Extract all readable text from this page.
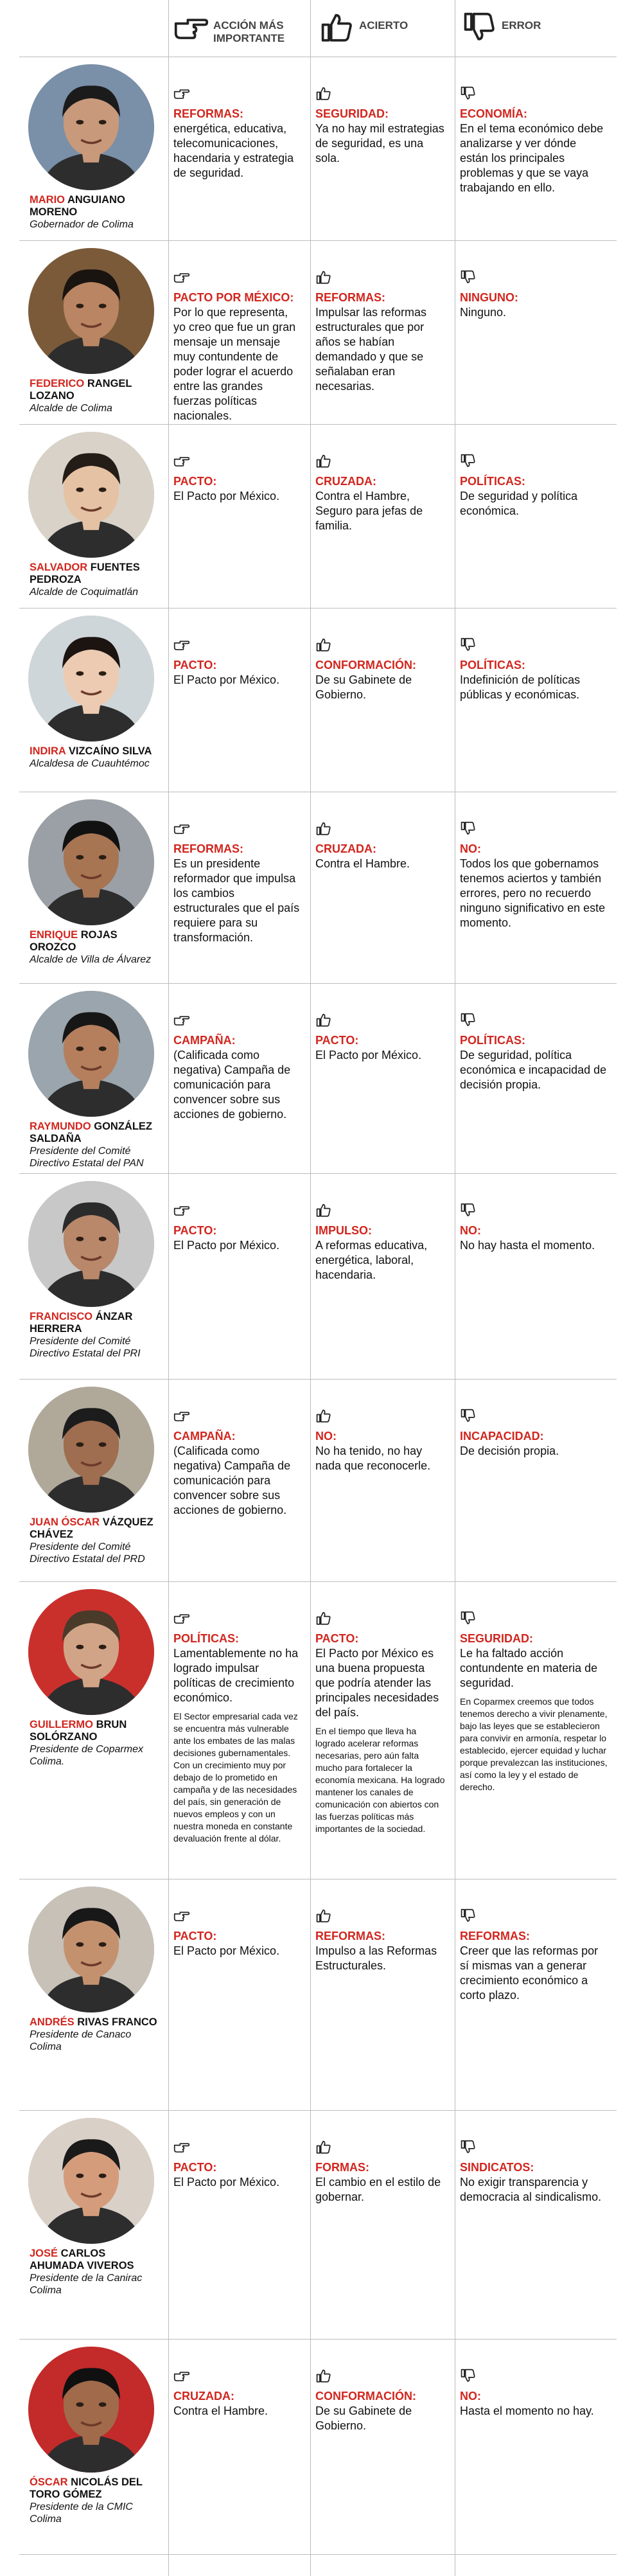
ACCIÓN MÁS IMPORTANTE
ACIERTO	ERROR
MARIO ANGUIANO MORENO
Gobernador de Colima
REFORMAS:
energética, educativa, telecomunicaciones, hacendaria y estrategia de seguridad.
SEGURIDAD:
Ya no hay mil estrategias de seguridad, es una sola.
ECONOMÍA:
En el tema económico debe analizarse y ver dónde están los principales problemas y que se vaya trabajando en ello.
FEDERICO RANGEL LOZANO
Alcalde de Colima
PACTO POR MÉXICO:
Por lo que representa, yo creo que fue un gran mensaje un mensaje muy contundente de poder lograr el acuerdo entre las grandes fuerzas políticas nacionales.
REFORMAS:
Impulsar las reformas estructurales que por años se habían demandado y que se señalaban eran necesarias.
NINGUNO:
Ninguno.
SALVADOR FUENTES PEDROZA
Alcalde de Coquimatlán
PACTO:
El Pacto por México.
CRUZADA:
Contra el Hambre, Seguro para jefas de familia.
POLÍTICAS:
De seguridad y política económica.
INDIRA VIZCAÍNO SILVA
Alcaldesa de Cuauhtémoc
PACTO:
El Pacto por México.
CONFORMACIÓN:
De su Gabinete de Gobierno.
POLÍTICAS:
Indefinición de políticas públicas y económicas.
ENRIQUE ROJAS OROZCO
Alcalde de Villa de Álvarez
REFORMAS:
Es un presidente reformador que impulsa los cambios estructurales que el país requiere para su transformación.
CRUZADA:
Contra el Hambre.
NO:
Todos los que gobernamos tenemos aciertos y también errores, pero no recuerdo ninguno significativo en este momento.
RAYMUNDO GONZÁLEZ SALDAÑA
Presidente del Comité Directivo Estatal del PAN
CAMPAÑA:
(Calificada como negativa) Campaña de comunicación para convencer sobre sus acciones de gobierno.
PACTO:
El Pacto por México.
POLÍTICAS:
De seguridad, política económica e incapacidad de decisión propia.
FRANCISCO ÁNZAR HERRERA
Presidente del Comité Directivo Estatal del PRI
PACTO:
El Pacto por México.
IMPULSO:
A reformas educativa, energética, laboral, hacendaria.
NO:
No hay hasta el momento.
JUAN ÓSCAR VÁZQUEZ CHÁVEZ
Presidente del Comité Directivo Estatal del PRD
CAMPAÑA:
(Calificada como negativa) Campaña de comunicación para convencer sobre sus acciones de gobierno.
NO:
No ha tenido, no hay nada que reconocerle.
INCAPACIDAD:
De decisión propia.
GUILLERMO BRUN SOLÓRZANO
Presidente de Coparmex Colima.
POLÍTICAS:
Lamentablemente no ha logrado impulsar políticas de crecimiento económico.
El Sector empresarial cada vez se encuentra más vulnerable ante los embates de las malas decisiones gubernamentales. Con un crecimiento muy por debajo de lo prometido en campaña y de las necesidades del país, sin generación de nuevos empleos y con un nuestra moneda en constante devaluación frente al dólar.
PACTO:
El Pacto por México es una buena propuesta que podría atender las principales necesidades del país.
En el tiempo que lleva ha logrado acelerar reformas necesarias, pero aún falta mucho para fortalecer la economía mexicana. Ha logrado mantener los canales de comunicación con abiertos con las fuerzas políticas más importantes de la sociedad.
SEGURIDAD:
Le ha faltado acción contundente en materia de seguridad.
En Coparmex creemos que todos tenemos derecho a vivir plenamente, bajo las leyes que se establecieron para convivir en armonía, respetar lo establecido, ejercer equidad y luchar porque prevalezcan las instituciones, así como la ley y el estado de derecho.
ANDRÉS RIVAS FRANCO
Presidente de Canaco Colima
PACTO:
El Pacto por México.
REFORMAS:
Impulso a las Reformas Estructurales.
REFORMAS:
Creer que las reformas por sí mismas van a generar crecimiento económico a corto plazo.
JOSÉ CARLOS AHUMADA VIVEROS
Presidente de la Canirac Colima
PACTO:
El Pacto por México.
FORMAS:
El cambio en el estilo de gobernar.
SINDICATOS:
No exigir transparencia y democracia al sindicalismo.
ÓSCAR NICOLÁS DEL TORO GÓMEZ
Presidente de la CMIC Colima
CRUZADA:
Contra el Hambre.
CONFORMACIÓN:
De su Gabinete de Gobierno.
NO:
Hasta el momento no hay.
